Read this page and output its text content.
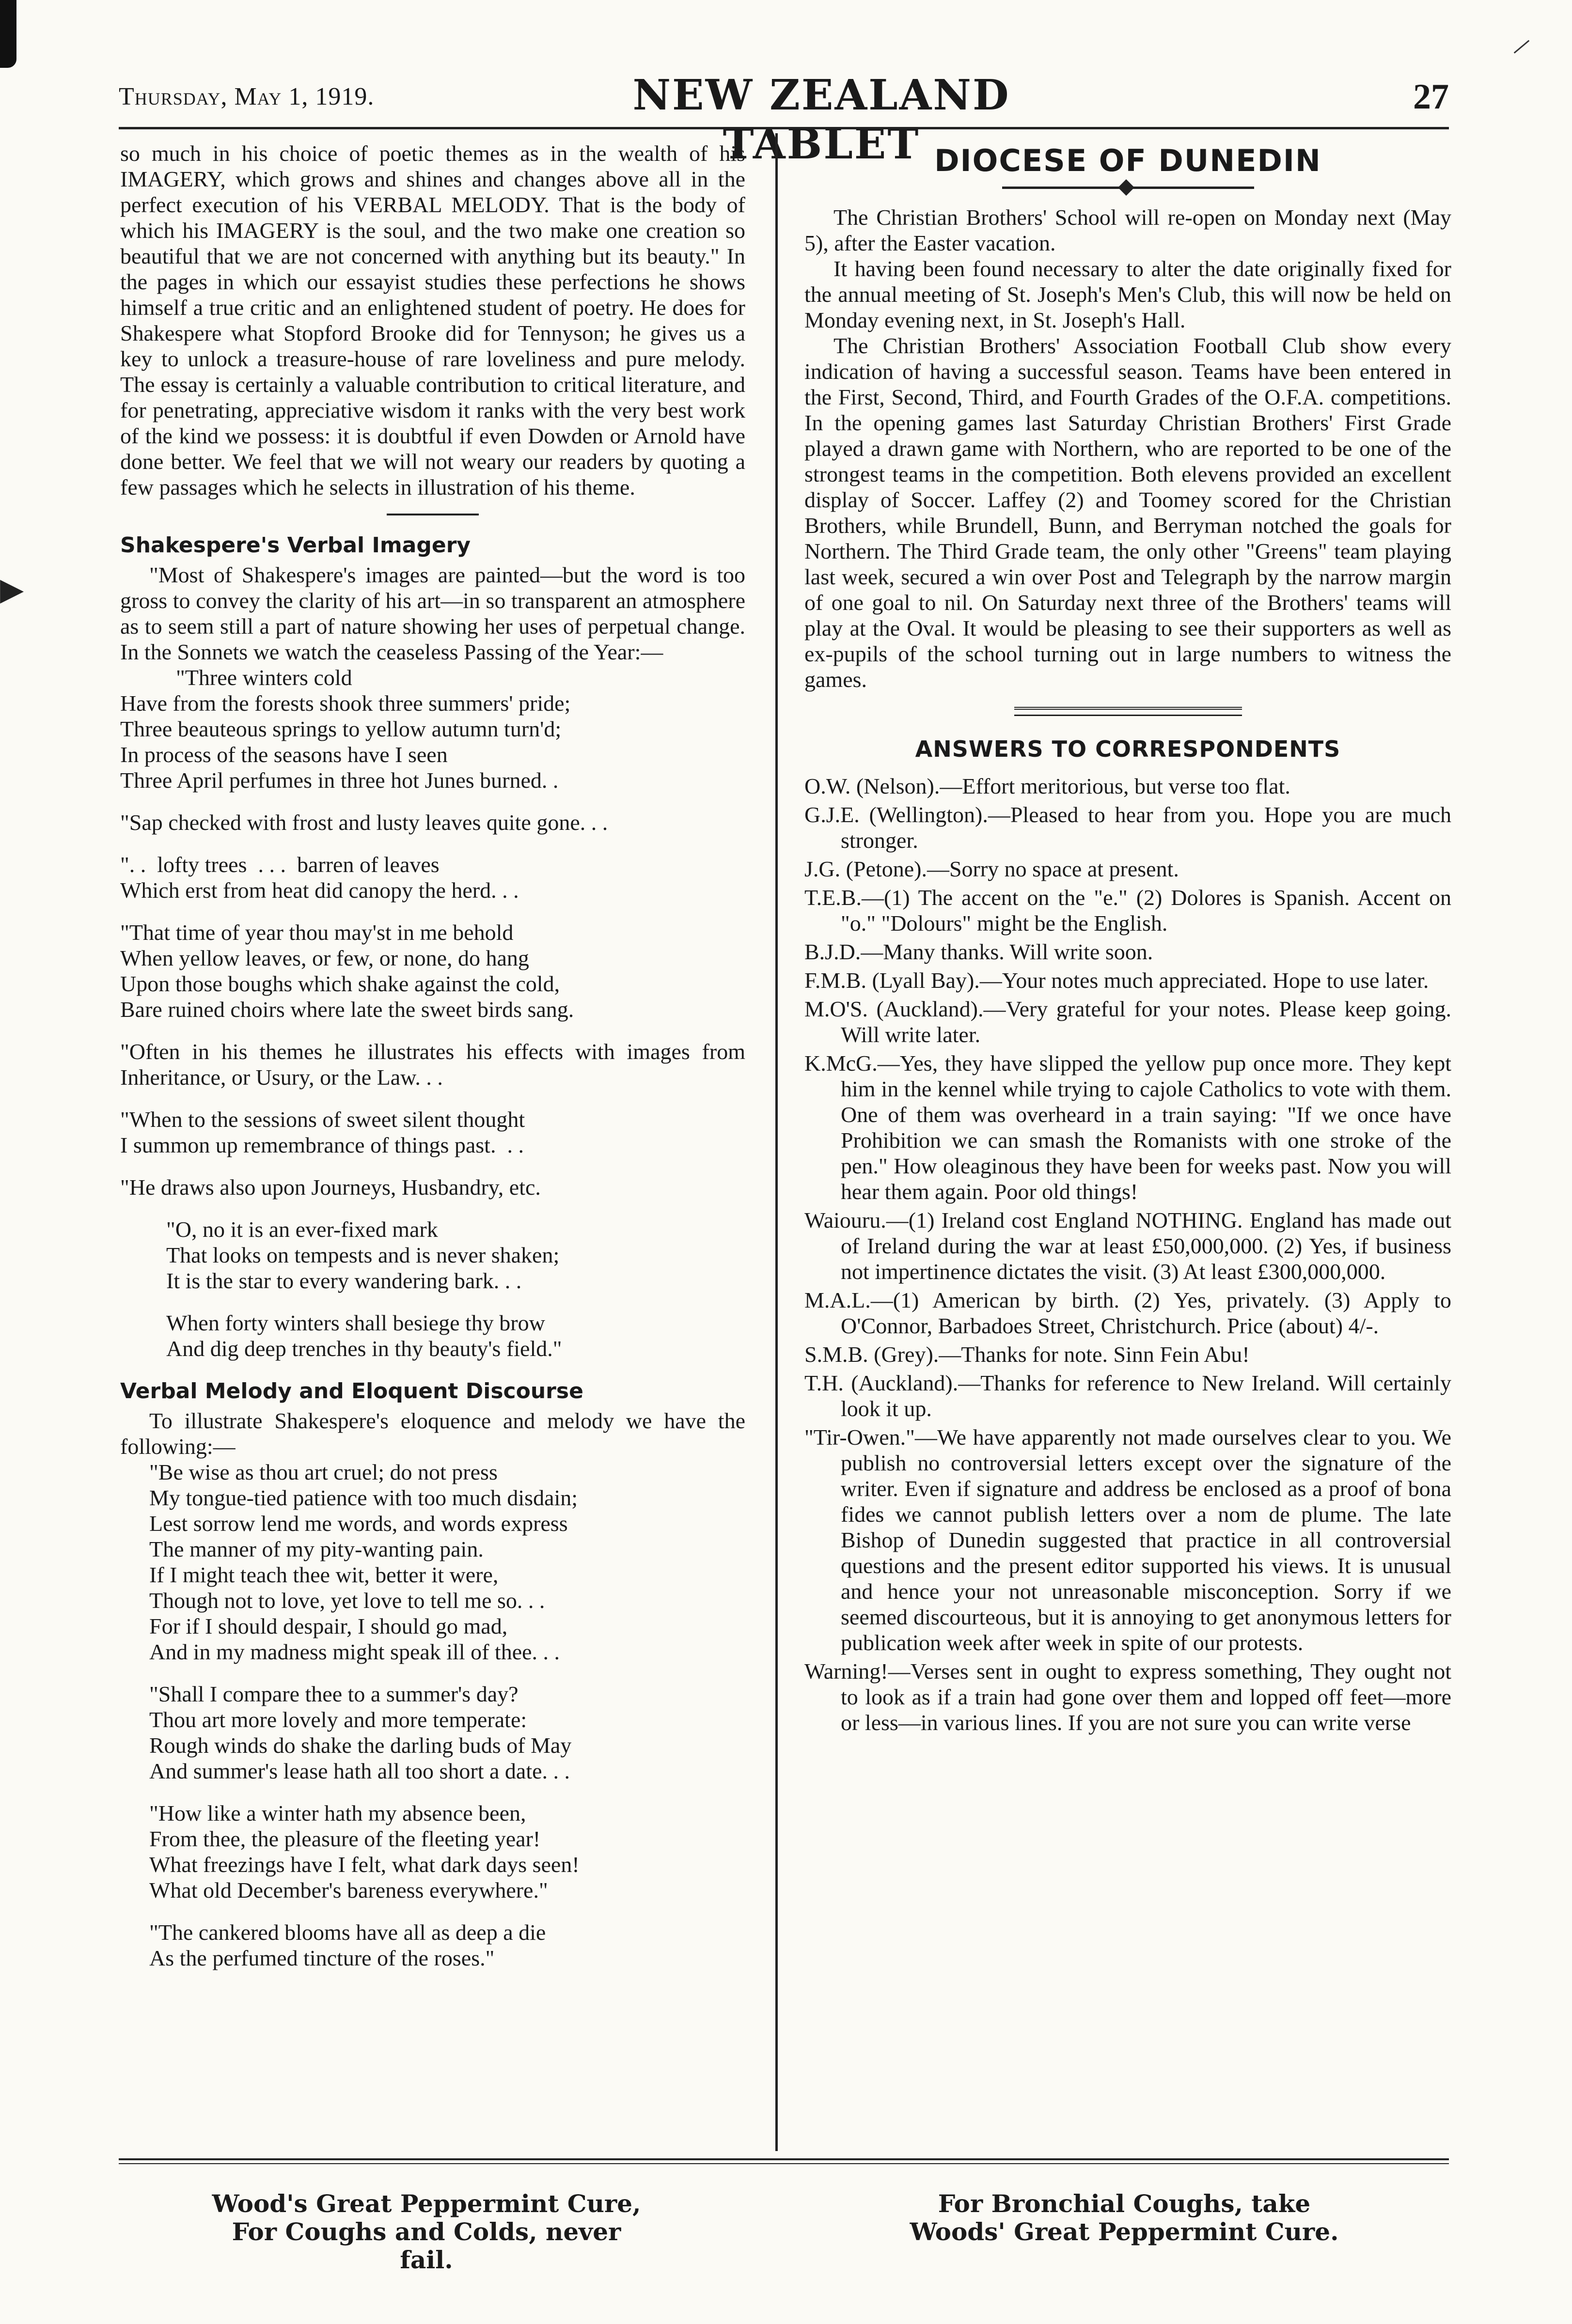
▶
Thursday, May 1, 1919.	NEW ZEALAND TABLET
27

so much in his choice of poetic themes as in the wealth of his IMAGERY, which grows and shines and changes above all in the perfect execution of his VERBAL MELODY. That is the body of which his IMAGERY is the soul, and the two make one creation so beautiful that we are not concerned with anything but its beauty." In the pages in which our essayist studies these perfections he shows himself a true critic and an enlightened student of poetry. He does for Shakespere what Stopford Brooke did for Tennyson; he gives us a key to unlock a treasure-house of rare loveliness and pure melody. The essay is certainly a valuable contribution to critical literature, and for penetrating, appreciative wisdom it ranks with the very best work of the kind we possess: it is doubtful if even Dowden or Arnold have done better. We feel that we will not weary our readers by quoting a few passages which he selects in illustration of his theme.

Shakespere's Verbal Imagery

"Most of Shakespere's images are painted—but the word is too gross to convey the clarity of his art—in so transparent an atmosphere as to seem still a part of nature showing her uses of perpetual change. In the Sonnets we watch the ceaseless Passing of the Year:—

"Three winters cold
Have from the forests shook three summers' pride;
Three beauteous springs to yellow autumn turn'd;
In process of the seasons have I seen
Three April perfumes in three hot Junes burned. .

"Sap checked with frost and lusty leaves quite gone. . .

". .  lofty trees  . . .  barren of leaves
Which erst from heat did canopy the herd. . .
"That time of year thou may'st in me behold
When yellow leaves, or few, or none, do hang
Upon those boughs which shake against the cold,
Bare ruined choirs where late the sweet birds sang.

"Often in his themes he illustrates his effects with images from Inheritance, or Usury, or the Law. . .

"When to the sessions of sweet silent thought
I summon up remembrance of things past.  . .

"He draws also upon Journeys, Husbandry, etc.

"O, no it is an ever-fixed mark
That looks on tempests and is never shaken;
It is the star to every wandering bark. . .
When forty winters shall besiege thy brow
And dig deep trenches in thy beauty's field."
Verbal Melody and Eloquent Discourse

To illustrate Shakespere's eloquence and melody we have the following:—

"Be wise as thou art cruel; do not press
My tongue-tied patience with too much disdain;
Lest sorrow lend me words, and words express
The manner of my pity-wanting pain.
If I might teach thee wit, better it were,
Though not to love, yet love to tell me so. . .
For if I should despair, I should go mad,
And in my madness might speak ill of thee. . .
"Shall I compare thee to a summer's day?
Thou art more lovely and more temperate:
Rough winds do shake the darling buds of May
And summer's lease hath all too short a date. . .
"How like a winter hath my absence been,
From thee, the pleasure of the fleeting year!
What freezings have I felt, what dark days seen!
What old December's bareness everywhere."
"The cankered blooms have all as deep a die
As the perfumed tincture of the roses."
DIOCESE OF DUNEDIN

The Christian Brothers' School will re-open on Monday next (May 5), after the Easter vacation.

It having been found necessary to alter the date originally fixed for the annual meeting of St. Joseph's Men's Club, this will now be held on Monday evening next, in St. Joseph's Hall.

The Christian Brothers' Association Football Club show every indication of having a successful season. Teams have been entered in the First, Second, Third, and Fourth Grades of the O.F.A. competitions. In the opening games last Saturday Christian Brothers' First Grade played a drawn game with Northern, who are reported to be one of the strongest teams in the competition. Both elevens provided an excellent display of Soccer. Laffey (2) and Toomey scored for the Christian Brothers, while Brundell, Bunn, and Berryman notched the goals for Northern. The Third Grade team, the only other "Greens" team playing last week, secured a win over Post and Telegraph by the narrow margin of one goal to nil. On Saturday next three of the Brothers' teams will play at the Oval. It would be pleasing to see their supporters as well as ex-pupils of the school turning out in large numbers to witness the games.

ANSWERS TO CORRESPONDENTS

O.W. (Nelson).—Effort meritorious, but verse too flat.

G.J.E. (Wellington).—Pleased to hear from you. Hope you are much stronger.

J.G. (Petone).—Sorry no space at present.

T.E.B.—(1) The accent on the "e." (2) Dolores is Spanish. Accent on "o." "Dolours" might be the English.

B.J.D.—Many thanks. Will write soon.

F.M.B. (Lyall Bay).—Your notes much appreciated. Hope to use later.

M.O'S. (Auckland).—Very grateful for your notes. Please keep going. Will write later.

K.McG.—Yes, they have slipped the yellow pup once more. They kept him in the kennel while trying to cajole Catholics to vote with them. One of them was overheard in a train saying: "If we once have Prohibition we can smash the Romanists with one stroke of the pen." How oleaginous they have been for weeks past. Now you will hear them again. Poor old things!

Waiouru.—(1) Ireland cost England NOTHING. England has made out of Ireland during the war at least £50,000,000. (2) Yes, if business not impertinence dictates the visit. (3) At least £300,000,000.

M.A.L.—(1) American by birth. (2) Yes, privately. (3) Apply to O'Connor, Barbadoes Street, Christchurch. Price (about) 4/-.

S.M.B. (Grey).—Thanks for note. Sinn Fein Abu!

T.H. (Auckland).—Thanks for reference to New Ireland. Will certainly look it up.

"Tir-Owen."—We have apparently not made ourselves clear to you. We publish no controversial letters except over the signature of the writer. Even if signature and address be enclosed as a proof of bona fides we cannot publish letters over a nom de plume. The late Bishop of Dunedin suggested that practice in all controversial questions and the present editor supported his views. It is unusual and hence your not unreasonable misconception. Sorry if we seemed discourteous, but it is annoying to get anonymous letters for publication week after week in spite of our protests.

Warning!—Verses sent in ought to express something, They ought not to look as if a train had gone over them and lopped off feet—more or less—in various lines. If you are not sure you can write verse

Wood's Great Peppermint Cure,
For Coughs and Colds, never fail.
For Bronchial Coughs, take
Woods' Great Peppermint Cure.
